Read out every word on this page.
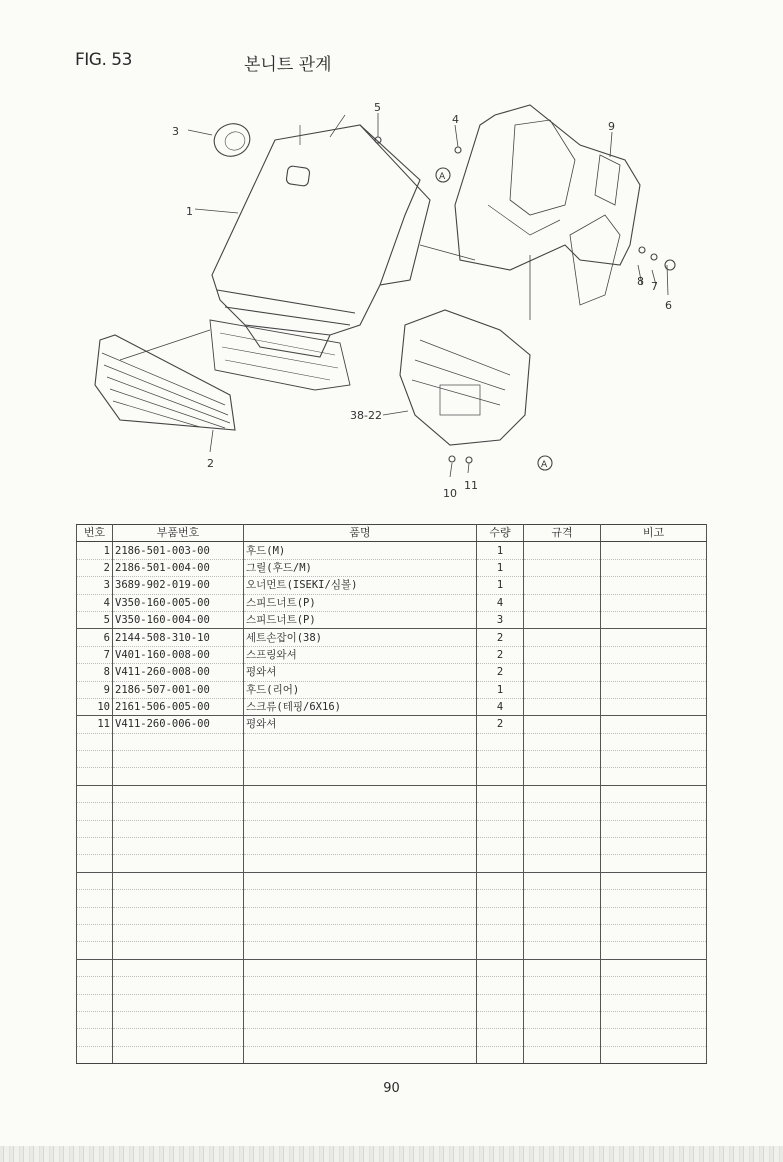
FIG. 53	본니트 관계
3
1
2
5
4
9
8 7
6
10
11
38-22
A
A
번호	부품번호	품명	수량	규격	비고
1	2186-501-003-00	후드(M)	1		
2	2186-501-004-00	그릴(후드/M)	1		
3	3689-902-019-00	오너먼트(ISEKI/심볼)	1		
4	V350-160-005-00	스피드너트(P)	4		
5	V350-160-004-00	스피드너트(P)	3		
6	2144-508-310-10	세트손잡이(38)	2		
7	V401-160-008-00	스프링와셔	2		
8	V411-260-008-00	평와셔	2		
9	2186-507-001-00	후드(리어)	1		
10	2161-506-005-00	스크류(테핑/6X16)	4		
11	V411-260-006-00	평와셔	2		

90
